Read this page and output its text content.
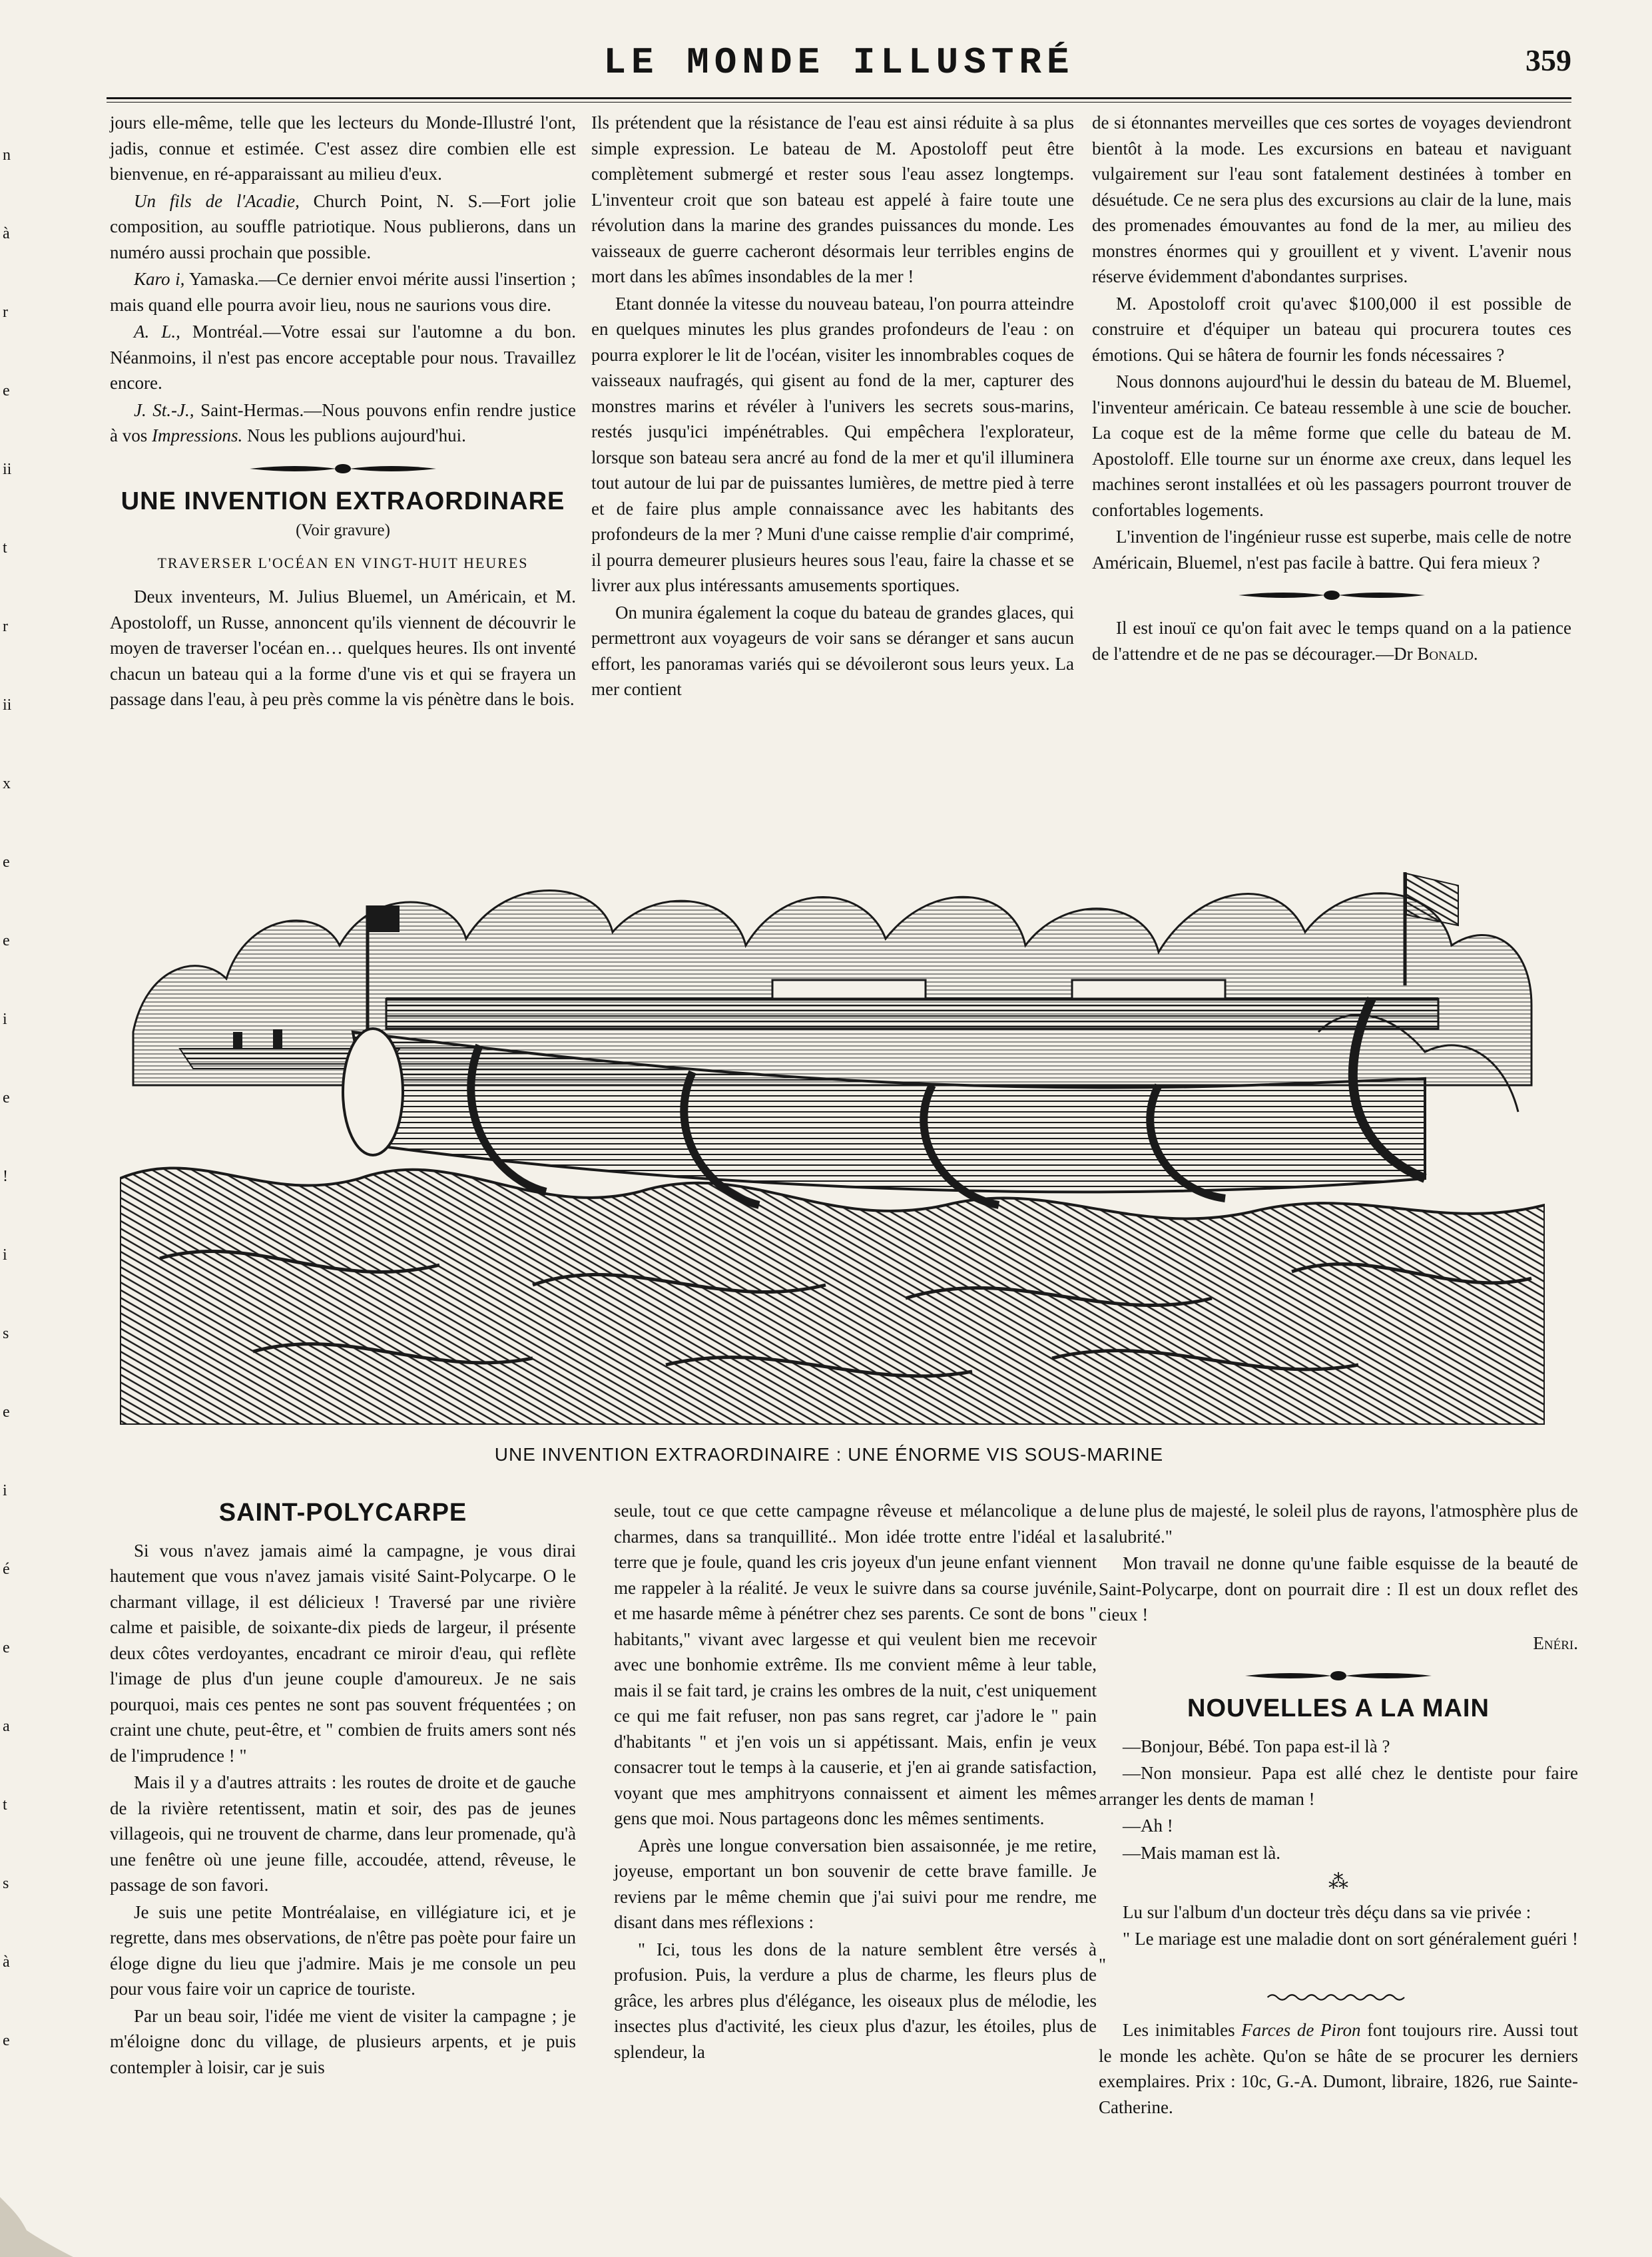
n
à
r
e
ii
t
r
ii
x
e
e
i
e
!
i
s
e
i
é
e
a
t
s
à
e
LE MONDE ILLUSTRÉ	359

jours elle-même, telle que les lecteurs du Monde-Illustré l'ont, jadis, connue et estimée. C'est assez dire combien elle est bienvenue, en ré-apparaissant au milieu d'eux.

Un fils de l'Acadie, Church Point, N. S.—Fort jolie composition, au souffle patriotique. Nous publierons, dans un numéro aussi prochain que possible.

Karo i, Yamaska.—Ce dernier envoi mérite aussi l'insertion ; mais quand elle pourra avoir lieu, nous ne saurions vous dire.

A. L., Montréal.—Votre essai sur l'automne a du bon. Néanmoins, il n'est pas encore acceptable pour nous. Travaillez encore.

J. St.-J., Saint-Hermas.—Nous pouvons enfin rendre justice à vos Impressions. Nous les publions aujourd'hui.

UNE INVENTION EXTRAORDINARE
(Voir gravure)
TRAVERSER L'OCÉAN EN VINGT-HUIT HEURES

Deux inventeurs, M. Julius Bluemel, un Américain, et M. Apostoloff, un Russe, annoncent qu'ils viennent de découvrir le moyen de traverser l'océan en… quelques heures. Ils ont inventé chacun un bateau qui a la forme d'une vis et qui se frayera un passage dans l'eau, à peu près comme la vis pénètre dans le bois.

Ils prétendent que la résistance de l'eau est ainsi réduite à sa plus simple expression. Le bateau de M. Apostoloff peut être complètement submergé et rester sous l'eau assez longtemps. L'inventeur croit que son bateau est appelé à faire toute une révolution dans la marine des grandes puissances du monde. Les vaisseaux de guerre cacheront désormais leur terribles engins de mort dans les abîmes insondables de la mer !

Etant donnée la vitesse du nouveau bateau, l'on pourra atteindre en quelques minutes les plus grandes profondeurs de l'eau : on pourra explorer le lit de l'océan, visiter les innombrables coques de vaisseaux naufragés, qui gisent au fond de la mer, capturer des monstres marins et révéler à l'univers les secrets sous-marins, restés jusqu'ici impénétrables. Qui empêchera l'explorateur, lorsque son bateau sera ancré au fond de la mer et qu'il illuminera tout autour de lui par de puissantes lumières, de mettre pied à terre et de faire plus ample connaissance avec les habitants des profondeurs de la mer ? Muni d'une caisse remplie d'air comprimé, il pourra demeurer plusieurs heures sous l'eau, faire la chasse et se livrer aux plus intéressants amusements sportiques.

On munira également la coque du bateau de grandes glaces, qui permettront aux voyageurs de voir sans se déranger et sans aucun effort, les panoramas variés qui se dévoileront sous leurs yeux. La mer contient

de si étonnantes merveilles que ces sortes de voyages deviendront bientôt à la mode. Les excursions en bateau et naviguant vulgairement sur l'eau sont fatalement destinées à tomber en désuétude. Ce ne sera plus des excursions au clair de la lune, mais des promenades émouvantes au fond de la mer, au milieu des monstres énormes qui y grouillent et y vivent. L'avenir nous réserve évidemment d'abondantes surprises.

M. Apostoloff croit qu'avec $100,000 il est possible de construire et d'équiper un bateau qui procurera toutes ces émotions. Qui se hâtera de fournir les fonds nécessaires ?

Nous donnons aujourd'hui le dessin du bateau de M. Bluemel, l'inventeur américain. Ce bateau ressemble à une scie de boucher. La coque est de la même forme que celle du bateau de M. Apostoloff. Elle tourne sur un énorme axe creux, dans lequel les machines seront installées et où les passagers pourront trouver de confortables logements.

L'invention de l'ingénieur russe est superbe, mais celle de notre Américain, Bluemel, n'est pas facile à battre. Qui fera mieux ?

Il est inouï ce qu'on fait avec le temps quand on a la patience de l'attendre et de ne pas se décourager.—Dr Bonald.

UNE INVENTION EXTRAORDINAIRE : UNE ÉNORME VIS SOUS-MARINE
SAINT-POLYCARPE

Si vous n'avez jamais aimé la campagne, je vous dirai hautement que vous n'avez jamais visité Saint-Polycarpe. O le charmant village, il est délicieux ! Traversé par une rivière calme et paisible, de soixante-dix pieds de largeur, il présente deux côtes verdoyantes, encadrant ce miroir d'eau, qui reflète l'image de plus d'un jeune couple d'amoureux. Je ne sais pourquoi, mais ces pentes ne sont pas souvent fréquentées ; on craint une chute, peut-être, et " combien de fruits amers sont nés de l'imprudence ! "

Mais il y a d'autres attraits : les routes de droite et de gauche de la rivière retentissent, matin et soir, des pas de jeunes villageois, qui ne trouvent de charme, dans leur promenade, qu'à une fenêtre où une jeune fille, accoudée, attend, rêveuse, le passage de son favori.

Je suis une petite Montréalaise, en villégiature ici, et je regrette, dans mes observations, de n'être pas poète pour faire un éloge digne du lieu que j'admire. Mais je me console un peu pour vous faire voir un caprice de touriste.

Par un beau soir, l'idée me vient de visiter la campagne ; je m'éloigne donc du village, de plusieurs arpents, et je puis contempler à loisir, car je suis

seule, tout ce que cette campagne rêveuse et mélancolique a de charmes, dans sa tranquillité.. Mon idée trotte entre l'idéal et la terre que je foule, quand les cris joyeux d'un jeune enfant viennent me rappeler à la réalité. Je veux le suivre dans sa course juvénile, et me hasarde même à pénétrer chez ses parents. Ce sont de bons " habitants," vivant avec largesse et qui veulent bien me recevoir avec une bonhomie extrême. Ils me convient même à leur table, mais il se fait tard, je crains les ombres de la nuit, c'est uniquement ce qui me fait refuser, non pas sans regret, car j'adore le " pain d'habitants " et j'en vois un si appétissant. Mais, enfin je veux consacrer tout le temps à la causerie, et j'en ai grande satisfaction, voyant que mes amphitryons connaissent et aiment les mêmes gens que moi. Nous partageons donc les mêmes sentiments.

Après une longue conversation bien assaisonnée, je me retire, joyeuse, emportant un bon souvenir de cette brave famille. Je reviens par le même chemin que j'ai suivi pour me rendre, me disant dans mes réflexions :

" Ici, tous les dons de la nature semblent être versés à profusion. Puis, la verdure a plus de charme, les fleurs plus de grâce, les arbres plus d'élégance, les oiseaux plus de mélodie, les insectes plus d'activité, les cieux plus d'azur, les étoiles, plus de splendeur, la

lune plus de majesté, le soleil plus de rayons, l'atmosphère plus de salubrité."

Mon travail ne donne qu'une faible esquisse de la beauté de Saint-Polycarpe, dont on pourrait dire : Il est un doux reflet des cieux !

Enéri.
NOUVELLES A LA MAIN

—Bonjour, Bébé. Ton papa est-il là ?

—Non monsieur. Papa est allé chez le dentiste pour faire arranger les dents de maman !

—Ah !

—Mais maman est là.

⁂

Lu sur l'album d'un docteur très déçu dans sa vie privée :

" Le mariage est une maladie dont on sort généralement guéri ! "

Les inimitables Farces de Piron font toujours rire. Aussi tout le monde les achète. Qu'on se hâte de se procurer les derniers exemplaires. Prix : 10c, G.-A. Dumont, libraire, 1826, rue Sainte-Catherine.
